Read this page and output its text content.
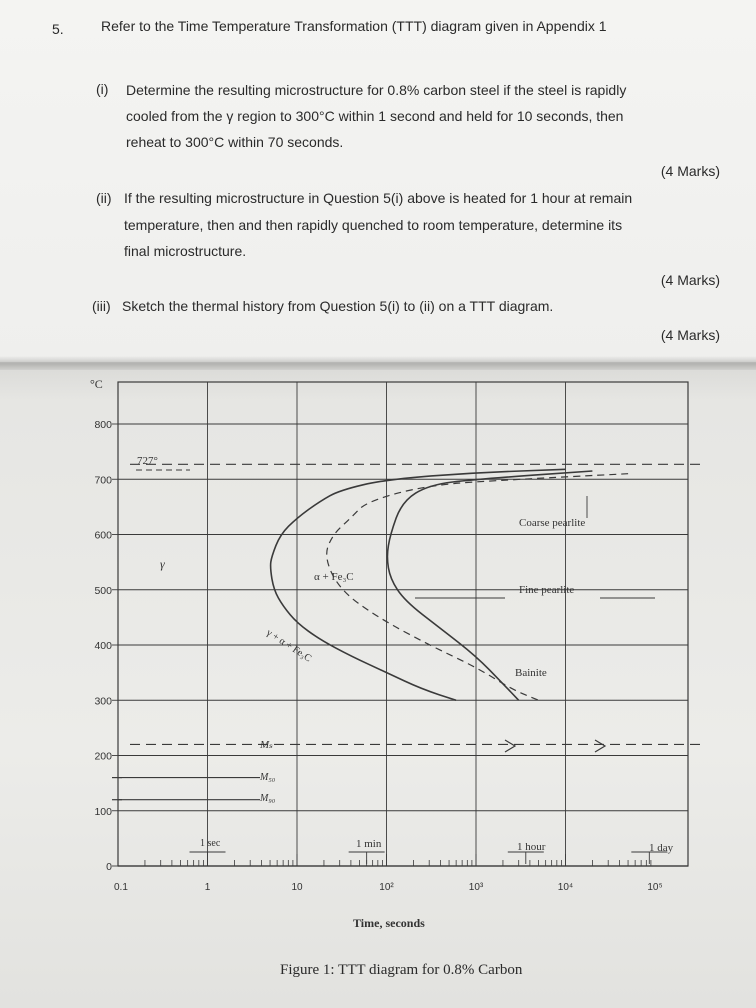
5.	Refer to the Time Temperature Transformation (TTT) diagram given in Appendix 1
(i) Determine the resulting microstructure for 0.8% carbon steel if the steel is rapidly
cooled from the γ region to 300°C within 1 second and held for 10 seconds, then
reheat to 300°C within 70 seconds.
(4 Marks)
(ii) If the resulting microstructure in Question 5(i) above is heated for 1 hour at remain
temperature, then and then rapidly quenched to room temperature, determine its
final microstructure.
(4 Marks)
(iii) Sketch the thermal history from Question 5(i) to (ii) on a TTT diagram.
(4 Marks)
800
700
600
500
400
300
200
100
0
0.1	1	10	10²	10³	10⁴	10⁵
°C
727°
γ
α + Fe₃C
γ + α + Fe₃C
Coarse pearlite
Fine pearlite
Bainite
Mₛ
M₅₀
M₉₀
1 sec	1 min	1 hour	1 day
Time, seconds
Figure 1: TTT diagram for 0.8% Carbon
